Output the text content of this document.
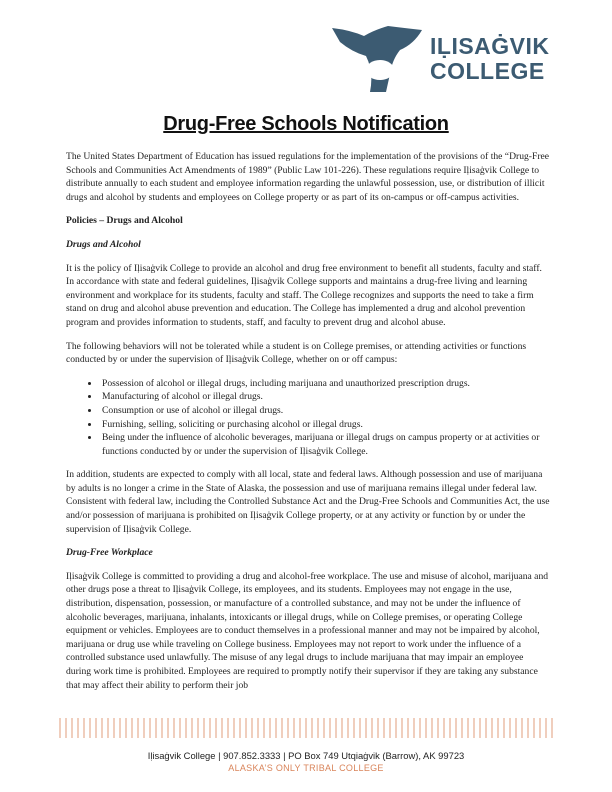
IḶISAĠVIK
COLLEGE
Drug-Free Schools Notification

The United States Department of Education has issued regulations for the implementation of the provisions of the “Drug-Free Schools and Communities Act Amendments of 1989” (Public Law 101-226). These regulations require Iḷisaġvik College to distribute annually to each student and employee information regarding the unlawful possession, use, or distribution of illicit drugs and alcohol by students and employees on College property or as part of its on-campus or off-campus activities.

Policies – Drugs and Alcohol
Drugs and Alcohol

It is the policy of Iḷisaġvik College to provide an alcohol and drug free environment to benefit all students, faculty and staff. In accordance with state and federal guidelines, Iḷisaġvik College supports and maintains a drug-free living and learning environment and workplace for its students, faculty and staff. The College recognizes and supports the need to take a firm stand on drug and alcohol abuse prevention and education. The College has implemented a drug and alcohol prevention program and provides information to students, staff, and faculty to prevent drug and alcohol abuse.

The following behaviors will not be tolerated while a student is on College premises, or attending activities or functions conducted by or under the supervision of Iḷisaġvik College, whether on or off campus:

• Possession of alcohol or illegal drugs, including marijuana and unauthorized prescription drugs.
• Manufacturing of alcohol or illegal drugs.
• Consumption or use of alcohol or illegal drugs.
• Furnishing, selling, soliciting or purchasing alcohol or illegal drugs.
• Being under the influence of alcoholic beverages, marijuana or illegal drugs on campus property or at activities or functions conducted by or under the supervision of Iḷisaġvik College.

In addition, students are expected to comply with all local, state and federal laws. Although possession and use of marijuana by adults is no longer a crime in the State of Alaska, the possession and use of marijuana remains illegal under federal law. Consistent with federal law, including the Controlled Substance Act and the Drug-Free Schools and Communities Act, the use and/or possession of marijuana is prohibited on Iḷisaġvik College property, or at any activity or function by or under the supervision of Iḷisaġvik College.

Drug-Free Workplace

Iḷisaġvik College is committed to providing a drug and alcohol-free workplace. The use and misuse of alcohol, marijuana and other drugs pose a threat to Iḷisaġvik College, its employees, and its students. Employees may not engage in the use, distribution, dispensation, possession, or manufacture of a controlled substance, and may not be under the influence of alcoholic beverages, marijuana, inhalants, intoxicants or illegal drugs, while on College premises, or operating College equipment or vehicles. Employees are to conduct themselves in a professional manner and may not be impaired by alcohol, marijuana or drug use while traveling on College business. Employees may not report to work under the influence of a controlled substance used unlawfully. The misuse of any legal drugs to include marijuana that may impair an employee during work time is prohibited. Employees are required to promptly notify their supervisor if they are taking any substance that may affect their ability to perform their job

Iḷisaġvik College | 907.852.3333 | PO Box 749 Utqiaġvik (Barrow), AK 99723
ALASKA’S ONLY TRIBAL COLLEGE
